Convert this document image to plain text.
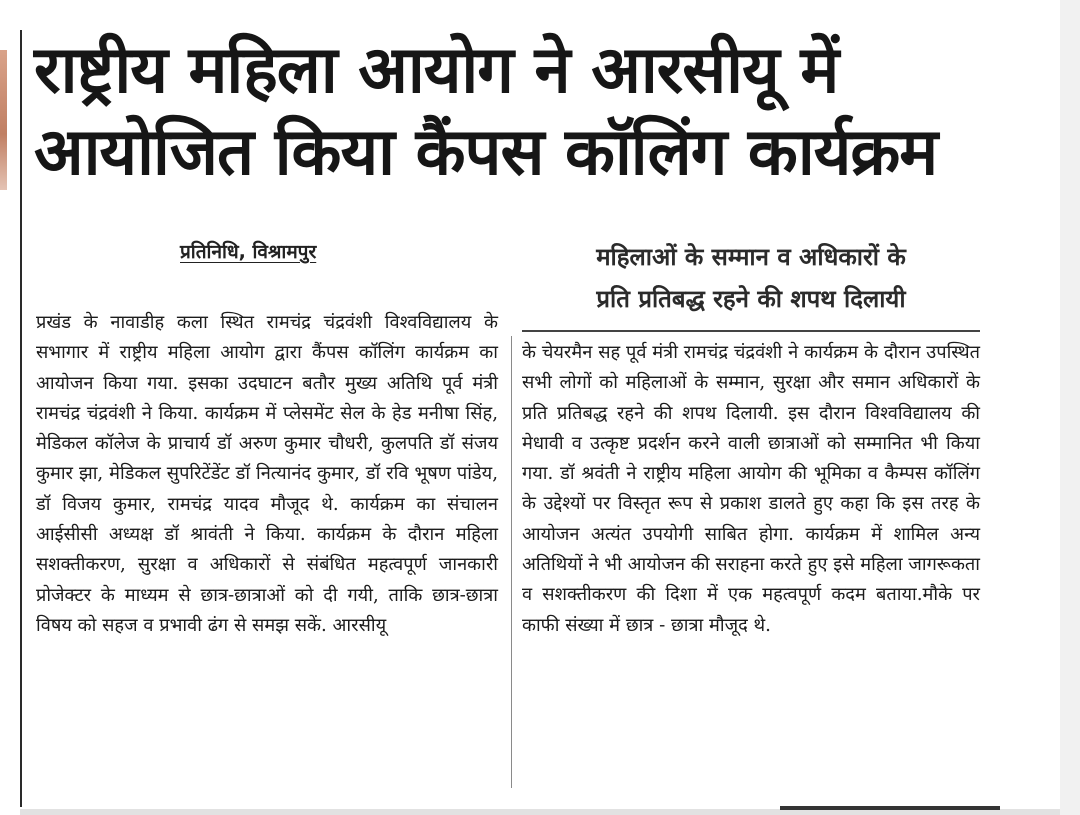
राष्ट्रीय महिला आयोग ने आरसीयू में
आयोजित किया कैंपस कॉलिंग कार्यक्रम
प्रतिनिधि, विश्रामपुर
प्रखंड के नावाडीह कला स्थित रामचंद्र चंद्रवंशी विश्वविद्यालय के सभागार में राष्ट्रीय महिला आयोग द्वारा कैंपस कॉलिंग कार्यक्रम का आयोजन किया गया. इसका उदघाटन बतौर मुख्य अतिथि पूर्व मंत्री रामचंद्र चंद्रवंशी ने किया. कार्यक्रम में प्लेसमेंट सेल के हेड मनीषा सिंह, मेडिकल कॉलेज के प्राचार्य डॉ अरुण कुमार चौधरी, कुलपति डॉ संजय कुमार झा, मेडिकल सुपरिटेंडेंट डॉ नित्यानंद कुमार, डॉ रवि भूषण पांडेय, डॉ विजय कुमार, रामचंद्र यादव मौजूद थे. कार्यक्रम का संचालन आईसीसी अध्यक्ष डॉ श्रावंती ने किया. कार्यक्रम के दौरान महिला सशक्तीकरण, सुरक्षा व अधिकारों से संबंधित महत्वपूर्ण जानकारी प्रोजेक्टर के माध्यम से छात्र-छात्राओं को दी गयी, ताकि छात्र-छात्रा विषय को सहज व प्रभावी ढंग से समझ सकें. आरसीयू
महिलाओं के सम्मान व अधिकारों के
प्रति प्रतिबद्ध रहने की शपथ दिलायी
के चेयरमैन सह पूर्व मंत्री रामचंद्र चंद्रवंशी ने कार्यक्रम के दौरान उपस्थित सभी लोगों को महिलाओं के सम्मान, सुरक्षा और समान अधिकारों के प्रति प्रतिबद्ध रहने की शपथ दिलायी. इस दौरान विश्वविद्यालय की मेधावी व उत्कृष्ट प्रदर्शन करने वाली छात्राओं को सम्मानित भी किया गया. डॉ श्रवंती ने राष्ट्रीय महिला आयोग की भूमिका व कैम्पस कॉलिंग के उद्देश्यों पर विस्तृत रूप से प्रकाश डालते हुए कहा कि इस तरह के आयोजन अत्यंत उपयोगी साबित होगा. कार्यक्रम में शामिल अन्य अतिथियों ने भी आयोजन की सराहना करते हुए इसे महिला जागरूकता व सशक्तीकरण की दिशा में एक महत्वपूर्ण कदम बताया.मौके पर काफी संख्या में छात्र - छात्रा मौजूद थे.
